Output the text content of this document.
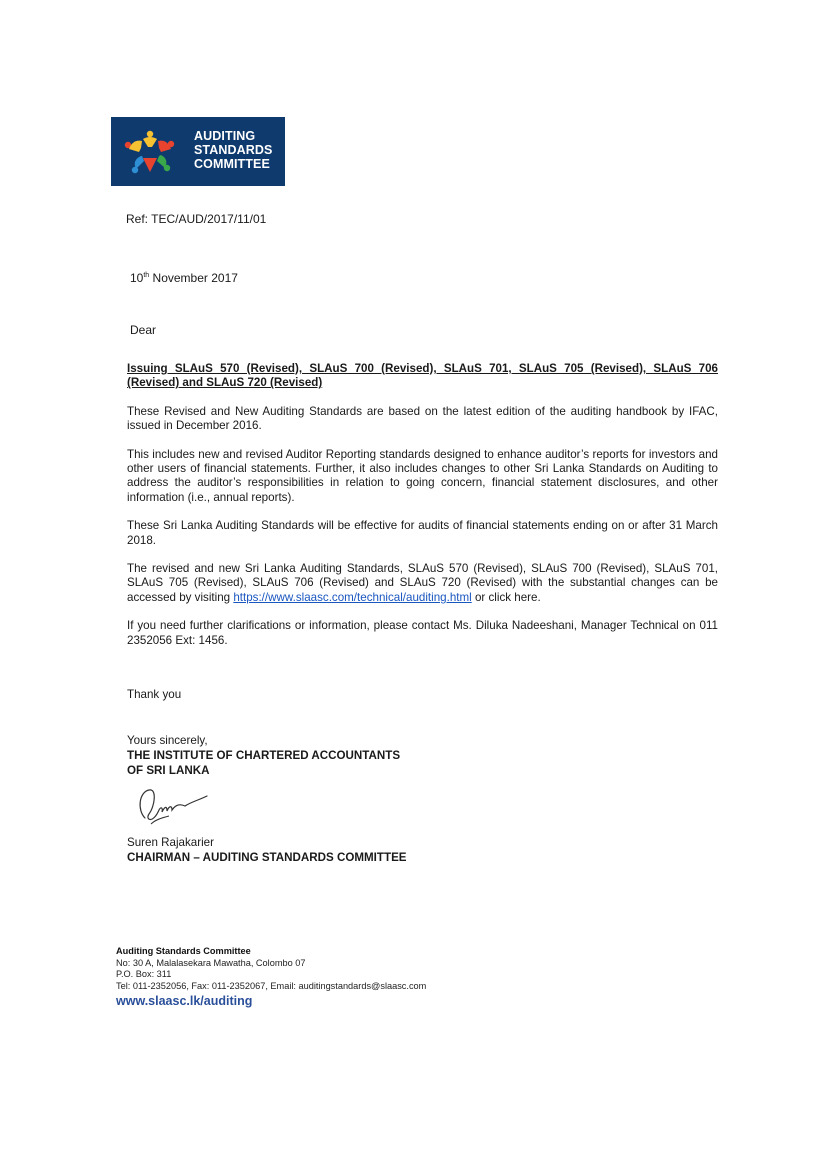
AUDITING
STANDARDS
COMMITTEE
Ref: TEC/AUD/2017/11/01
10th November 2017
Dear

Issuing SLAuS 570 (Revised), SLAuS 700 (Revised), SLAuS 701, SLAuS 705 (Revised), SLAuS 706 (Revised) and SLAuS 720 (Revised)

These Revised and New Auditing Standards are based on the latest edition of the auditing handbook by IFAC, issued in December 2016.

This includes new and revised Auditor Reporting standards designed to enhance auditor’s reports for investors and other users of financial statements. Further, it also includes changes to other Sri Lanka Standards on Auditing to address the auditor’s responsibilities in relation to going concern, financial statement disclosures, and other information (i.e., annual reports).

These Sri Lanka Auditing Standards will be effective for audits of financial statements ending on or after 31 March 2018.

The revised and new Sri Lanka Auditing Standards, SLAuS 570 (Revised), SLAuS 700 (Revised), SLAuS 701, SLAuS 705 (Revised), SLAuS 706 (Revised) and SLAuS 720 (Revised) with the substantial changes can be accessed by visiting https://www.slaasc.com/technical/auditing.html or click here.

If you need further clarifications or information, please contact Ms. Diluka Nadeeshani, Manager Technical on 011 2352056 Ext: 1456.

Thank you
Yours sincerely,
THE INSTITUTE OF CHARTERED ACCOUNTANTS
OF SRI LANKA
Suren Rajakarier
CHAIRMAN – AUDITING STANDARDS COMMITTEE
Auditing Standards Committee
No: 30 A, Malalasekara Mawatha, Colombo 07
P.O. Box: 311
Tel: 011-2352056, Fax: 011-2352067, Email: auditingstandards@slaasc.com
www.slaasc.lk/auditing
